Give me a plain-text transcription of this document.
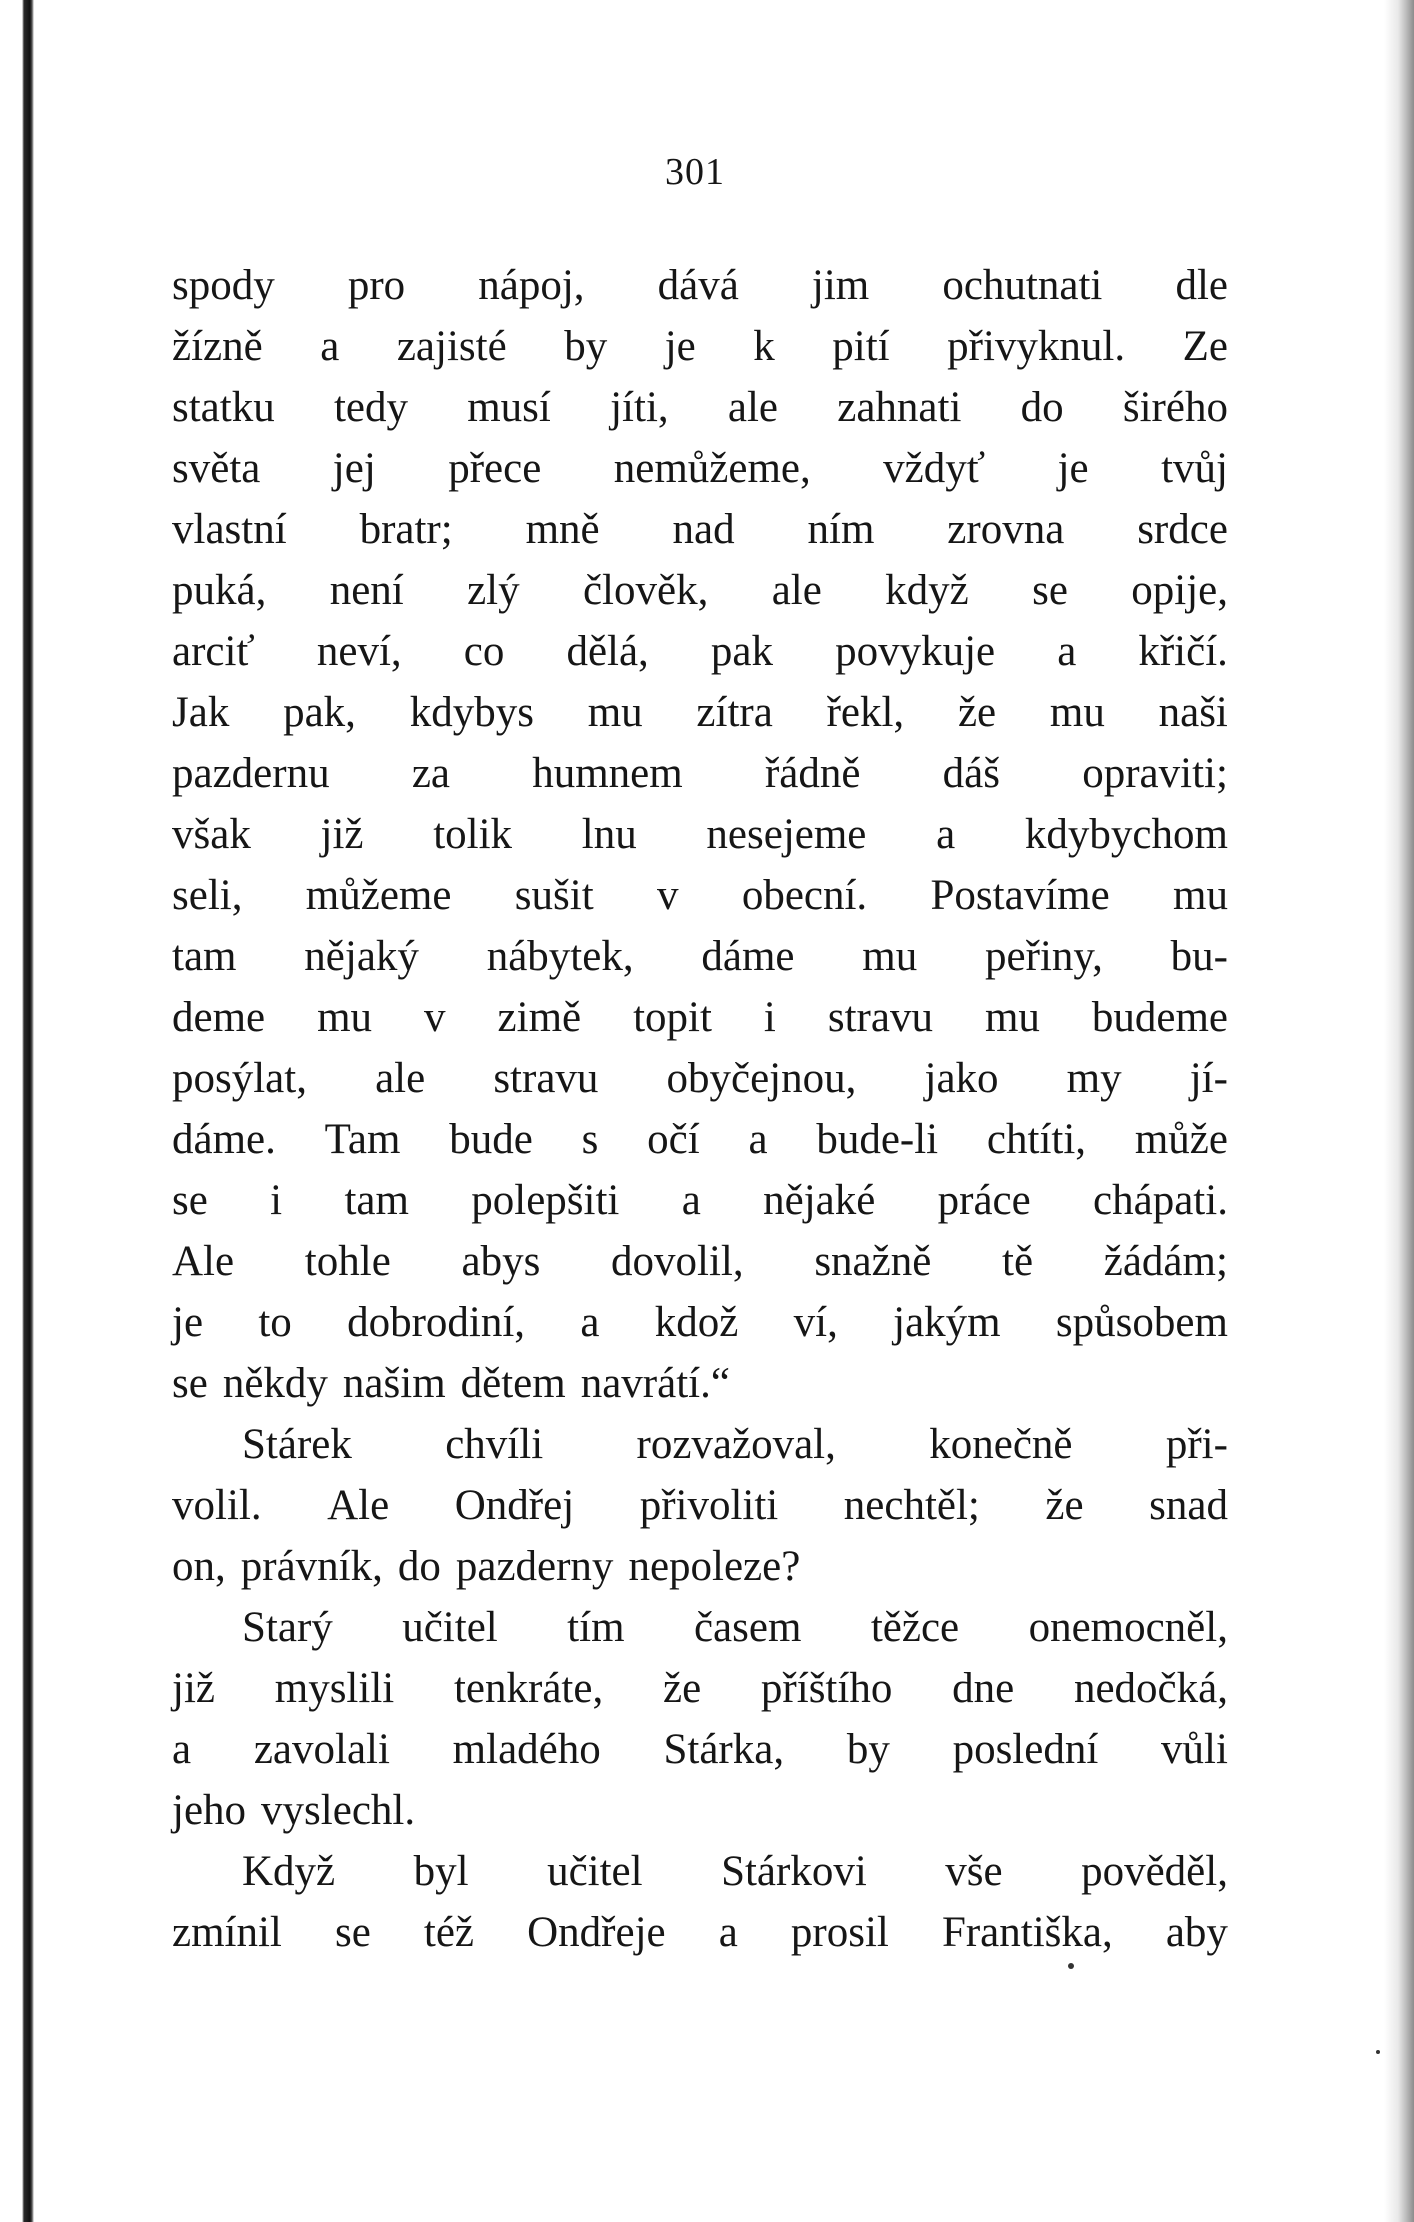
301
spody pro nápoj, dává jim ochutnati dle
žízně a zajisté by je k pití přivyknul. Ze
statku tedy musí jíti, ale zahnati do širého
světa jej přece nemůžeme, vždyť je tvůj
vlastní bratr; mně nad ním zrovna srdce
puká, není zlý člověk, ale když se opije,
arciť neví, co dělá, pak povykuje a křičí.
Jak pak, kdybys mu zítra řekl, že mu naši
pazdernu za humnem řádně dáš opraviti;
však již tolik lnu nesejeme a kdybychom
seli, můžeme sušit v obecní. Postavíme mu
tam nějaký nábytek, dáme mu peřiny, bu-
deme mu v zimě topit i stravu mu budeme
posýlat, ale stravu obyčejnou, jako my jí-
dáme. Tam bude s očí a bude-li chtíti, může
se i tam polepšiti a nějaké práce chápati.
Ale tohle abys dovolil, snažně tě žádám;
je to dobrodiní, a kdož ví, jakým spůsobem
se někdy našim dětem navrátí.“
Stárek chvíli rozvažoval, konečně při-
volil. Ale Ondřej přivoliti nechtěl; že snad
on, právník, do pazderny nepoleze?
Starý učitel tím časem těžce onemocněl,
již myslili tenkráte, že příštího dne nedočká,
a zavolali mladého Stárka, by poslední vůli
jeho vyslechl.
Když byl učitel Stárkovi vše pověděl,
zmínil se též Ondřeje a prosil Františka, aby
